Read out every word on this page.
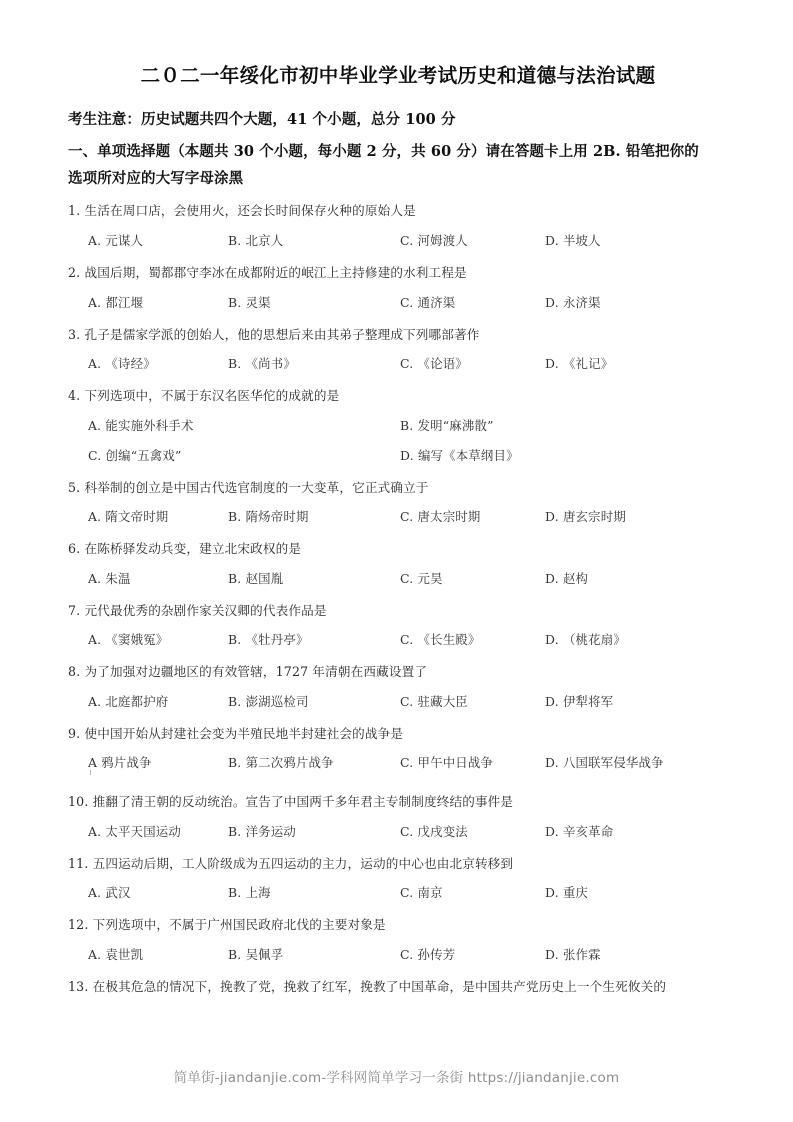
二０二一年绥化市初中毕业学业考试历史和道德与法治试题

考生注意：历史试题共四个大题，41 个小题，总分 100 分

一、单项选择题（本题共 30 个小题，每小题 2 分，共 60 分）请在答题卡上用 2B. 铅笔把你的

选项所对应的大写字母涂黑

1. 生活在周口店，会使用火，还会长时间保存火种的原始人是
A. 元谋人	B. 北京人	C. 河姆渡人	D. 半坡人
2. 战国后期，蜀都郡守李冰在成都附近的岷江上主持修建的水利工程是
A. 都江堰	B. 灵渠	C. 通济渠	D. 永济渠
3. 孔子是儒家学派的创始人，他的思想后来由其弟子整理成下列哪部著作
A. 《诗经》	B. 《尚书》	C. 《论语》	D. 《礼记》
4. 下列选项中，不属于东汉名医华佗的成就的是
A. 能实施外科手术	B. 发明“麻沸散”
C. 创编“五禽戏”	D. 编写《本草纲目》
5. 科举制的创立是中国古代选官制度的一大变革，它正式确立于
A. 隋文帝时期	B. 隋炀帝时期	C. 唐太宗时期	D. 唐玄宗时期
6. 在陈桥驿发动兵变，建立北宋政权的是
A. 朱温	B. 赵国胤	C. 元昊	D. 赵构
7. 元代最优秀的杂剧作家关汉卿的代表作品是
A. 《窦娥冤》	B. 《牡丹亭》	C. 《长生殿》	D. （桃花扇》
8. 为了加强对边疆地区的有效管辖，1727 年清朝在西藏设置了
A. 北庭都护府	B. 澎湖巡检司	C. 驻藏大臣	D. 伊犁将军
9. 使中国开始从封建社会变为半殖民地半封建社会的战争是
A 鸦片战争	B. 第二次鸦片战争	C. 甲午中日战争	D. 八国联军侵华战争
10. 推翻了清王朝的反动统治。宣告了中国两千多年君主专制制度终结的事件是
A. 太平天国运动	B. 洋务运动	C. 戊戌变法	D. 辛亥革命
11. 五四运动后期，工人阶级成为五四运动的主力，运动的中心也由北京转移到
A. 武汉	B. 上海	C. 南京	D. 重庆
12. 下列选项中，不属于广州国民政府北伐的主要对象是
A. 袁世凯	B. 吴佩孚	C. 孙传芳	D. 张作霖
13. 在极其危急的情况下，挽教了党，挽救了红军，挽教了中国革命，是中国共产党历史上一个生死攸关的
简单街-jiandanjie.com-学科网简单学习一条街 https://jiandanjie.com
